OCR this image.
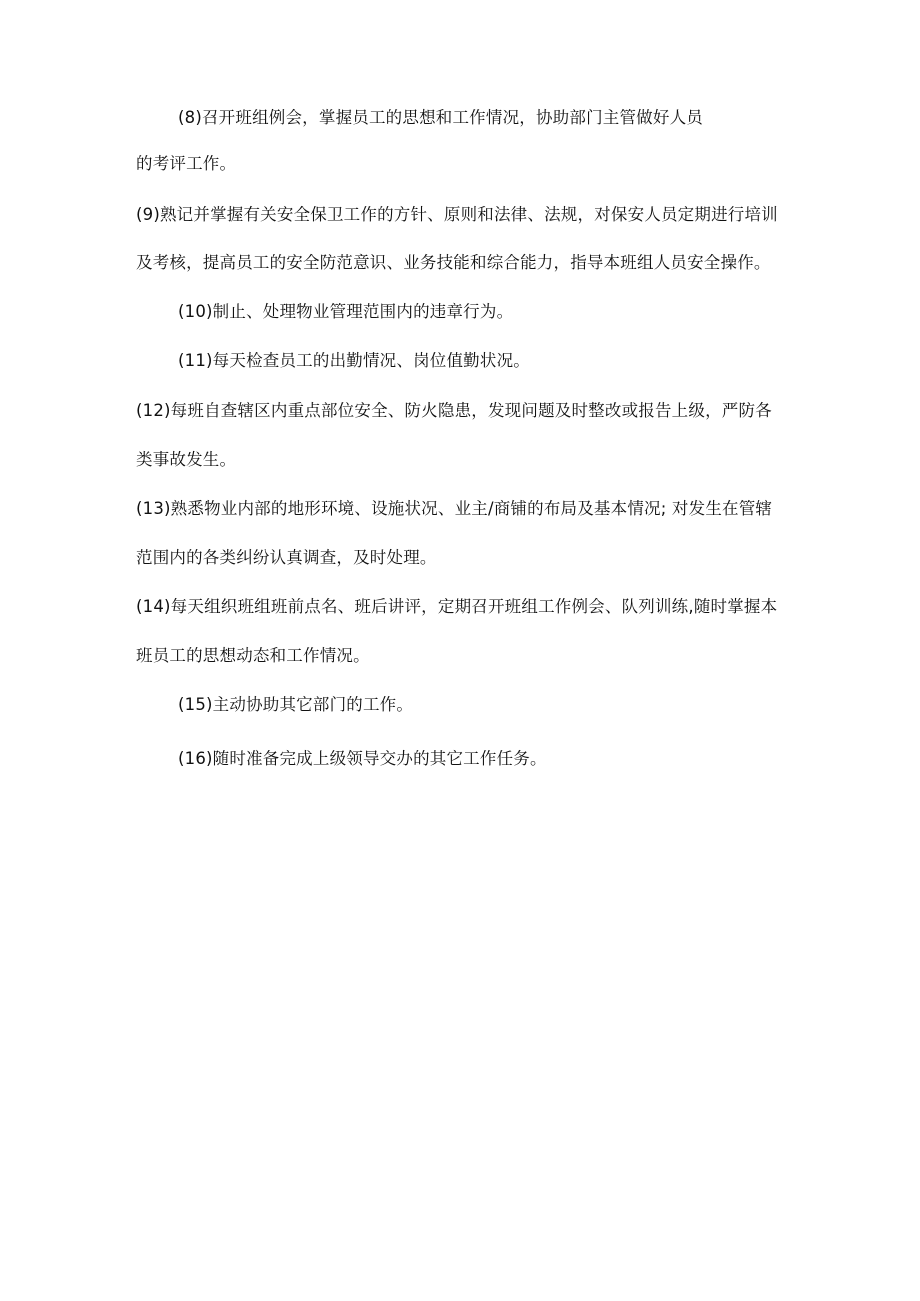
(8)召开班组例会，掌握员工的思想和工作情况，协助部门主管做好人员
的考评工作。
(9)熟记并掌握有关安全保卫工作的方针、原则和法律、法规，对保安人员定期进行培训
及考核，提高员工的安全防范意识、业务技能和综合能力，指导本班组人员安全操作。
(10)制止、处理物业管理范围内的违章行为。
(11)每天检查员工的出勤情况、岗位值勤状况。
(12)每班自查辖区内重点部位安全、防火隐患，发现问题及时整改或报告上级，严防各
类事故发生。
(13)熟悉物业内部的地形环境、设施状况、业主/商铺的布局及基本情况; 对发生在管辖
范围内的各类纠纷认真调查，及时处理。
(14)每天组织班组班前点名、班后讲评，定期召开班组工作例会、队列训练,随时掌握本
班员工的思想动态和工作情况。
(15)主动协助其它部门的工作。
(16)随时准备完成上级领导交办的其它工作任务。
